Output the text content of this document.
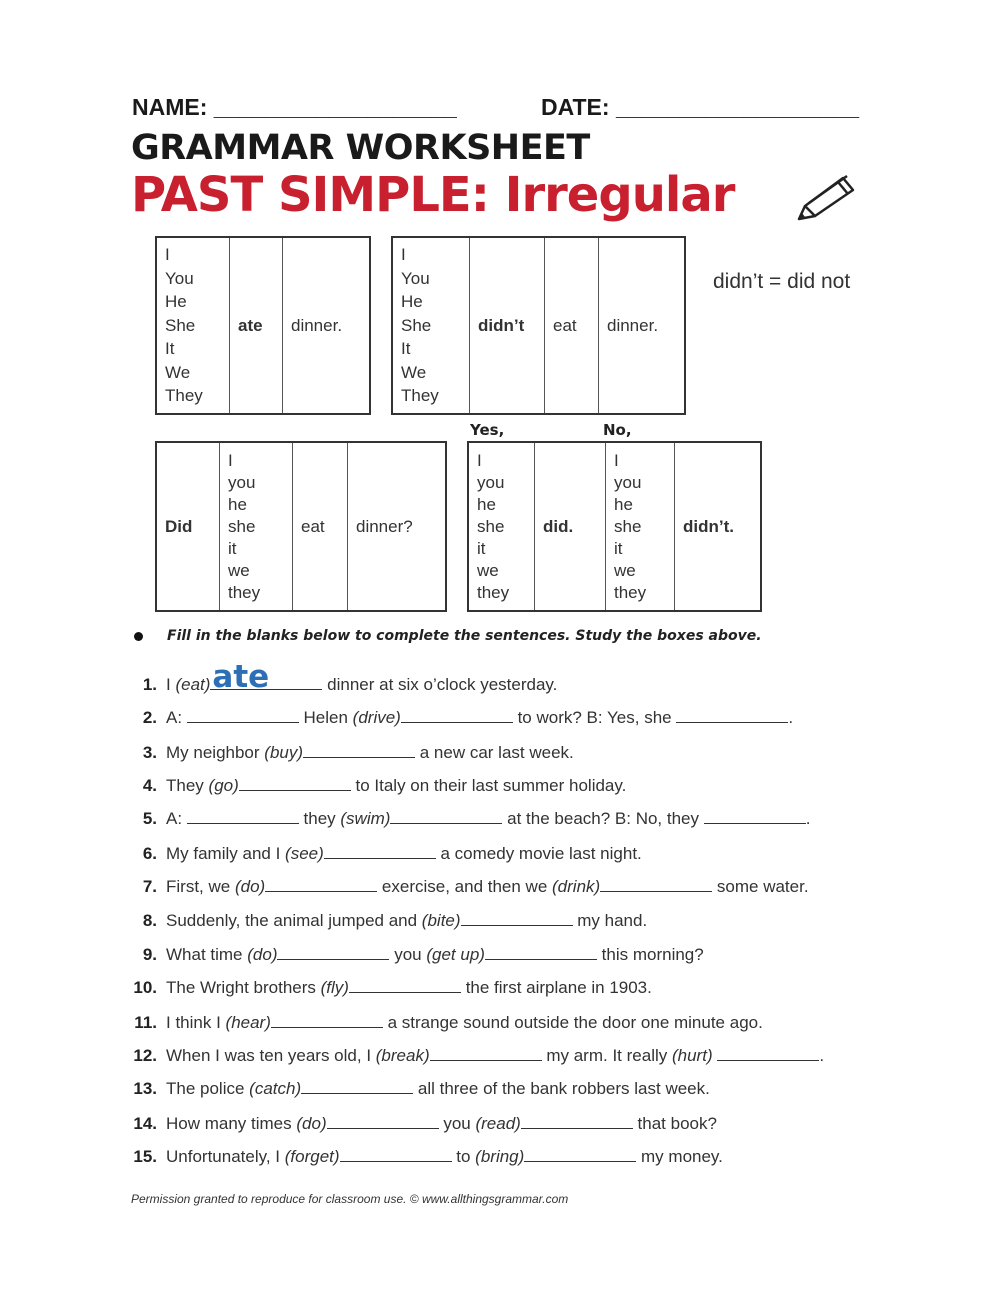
NAME: ___________________	DATE: ___________________
GRAMMAR WORKSHEET
PAST SIMPLE: Irregular
I
You
He
She
It
We
They
	ate	dinner.
I
You
He
She
It
We
They
	didn’t	eat	dinner.
didn’t = did not
Yes,	No,
Did	
I
you
he
she
it
we
they
	eat	dinner?
I
you
he
she
it
we
they
	did.	
I
you
he
she
it
we
they
	didn’t.
Fill in the blanks below to complete the sentences. Study the boxes above.
1. I (eat) ate	dinner at six o’clock yesterday.
2. A:	Helen (drive)	to work? B: Yes, she	.
3. My neighbor (buy)	a new car last week.
4. They (go)	to Italy on their last summer holiday.
5. A:	they (swim)	at the beach? B: No, they	.
6. My family and I (see)	a comedy movie last night.
7. First, we (do)	exercise, and then we (drink)	some water.
8. Suddenly, the animal jumped and (bite)	my hand.
9. What time (do)	you (get up)	this morning?
10. The Wright brothers (fly)	the first airplane in 1903.
11. I think I (hear)	a strange sound outside the door one minute ago.
12. When I was ten years old, I (break)	my arm. It really (hurt)	.
13. The police (catch)	all three of the bank robbers last week.
14. How many times (do)	you (read)	that book?
15. Unfortunately, I (forget)	to (bring)	my money.
Permission granted to reproduce for classroom use. © www.allthingsgrammar.com
